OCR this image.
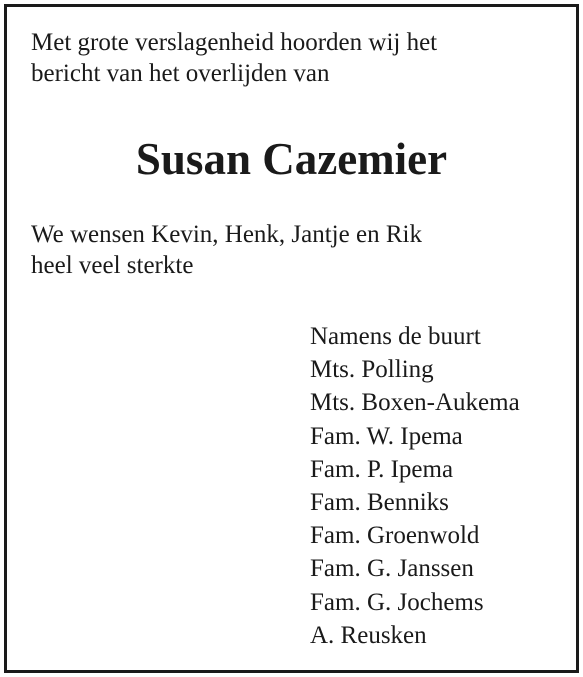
Met grote verslagenheid hoorden wij het
bericht van het overlijden van
Susan Cazemier
We wensen Kevin, Henk, Jantje en Rik
heel veel sterkte
Namens de buurt
Mts. Polling
Mts. Boxen-Aukema
Fam. W. Ipema
Fam. P. Ipema
Fam. Benniks
Fam. Groenwold
Fam. G. Janssen
Fam. G. Jochems
A. Reusken
